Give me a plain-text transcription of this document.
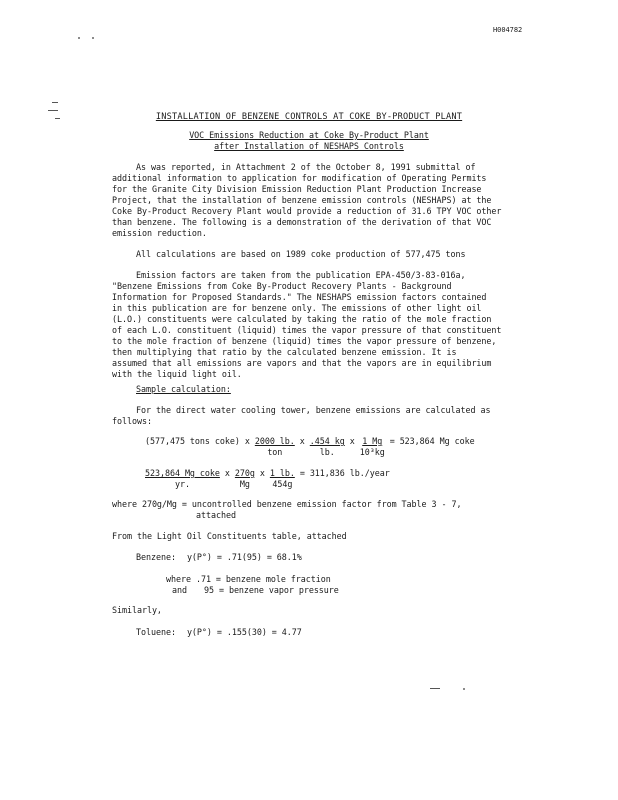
H004782
INSTALLATION OF BENZENE CONTROLS AT COKE BY-PRODUCT PLANT
VOC Emissions Reduction at Coke By-Product Plant
after Installation of NESHAPS Controls
As was reported, in Attachment 2 of the October 8, 1991 submittal of
additional information to application for modification of Operating Permits
for the Granite City Division Emission Reduction Plant Production Increase
Project, that the installation of benzene emission controls (NESHAPS) at the
Coke By-Product Recovery Plant would provide a reduction of 31.6 TPY VOC other
than benzene. The following is a demonstration of the derivation of that VOC
emission reduction.
All calculations are based on 1989 coke production of 577,475 tons
Emission factors are taken from the publication EPA-450/3-83-016a,
"Benzene Emissions from Coke By-Product Recovery Plants - Background
Information for Proposed Standards." The NESHAPS emission factors contained
in this publication are for benzene only. The emissions of other light oil
(L.O.) constituents were calculated by taking the ratio of the mole fraction
of each L.O. constituent (liquid) times the vapor pressure of that constituent
to the mole fraction of benzene (liquid) times the vapor pressure of benzene,
then multiplying that ratio by the calculated benzene emission. It is
assumed that all emissions are vapors and that the vapors are in equilibrium
with the liquid light oil.
Sample calculation:
For the direct water cooling tower, benzene emissions are calculated as
follows:
(577,475 tons coke) x $\frac{2000 lb.}{\text{ton}}$ x $\frac{.454 kg}{lb.}$ x $\frac{1 Mg}{\text{10³kg}} = 523,864$ Mg coke
$\frac{\text{523,864 Mg coke}}{yr.}$ x $\frac{270g}{Mg}$ x $\frac{1 lb.}{454g} = 311,836$ lb./year
where 270g/Mg = uncontrolled benzene emission factor from Table 3 - 7,
attached
From the Light Oil Constituents table, attached
Benzene: y(P°) = .71(95) = 68.1%
where .71 = benzene mole fraction
and 95 = benzene vapor pressure
Similarly,
Toluene: y(P°) = .155(30) = 4.77
